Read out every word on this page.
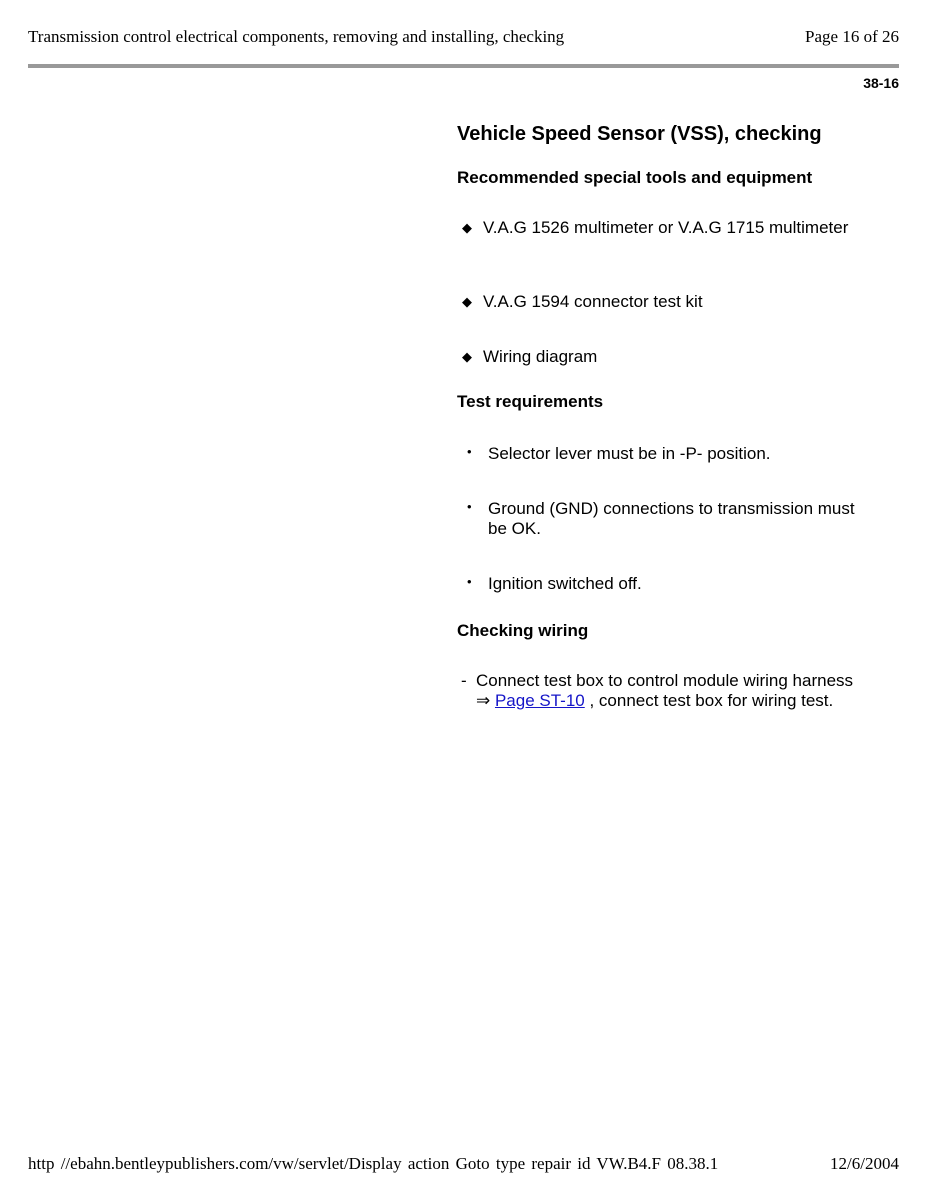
Transmission control electrical components, removing and installing, checking	Page 16 of 26
38-16
Vehicle Speed Sensor (VSS), checking
Recommended special tools and equipment
◆ V.A.G 1526 multimeter or V.A.G 1715 multimeter
◆ V.A.G 1594 connector test kit
◆ Wiring diagram
Test requirements
• Selector lever must be in -P- position.
• Ground (GND) connections to transmission must be OK.
• Ignition switched off.
Checking wiring
- Connect test box to control module wiring harness ⇒ Page ST-10 , connect test box for wiring test.
http //ebahn.bentleypublishers.com/vw/servlet/Display action Goto type repair id VW.B4.F 08.38.1	12/6/2004
